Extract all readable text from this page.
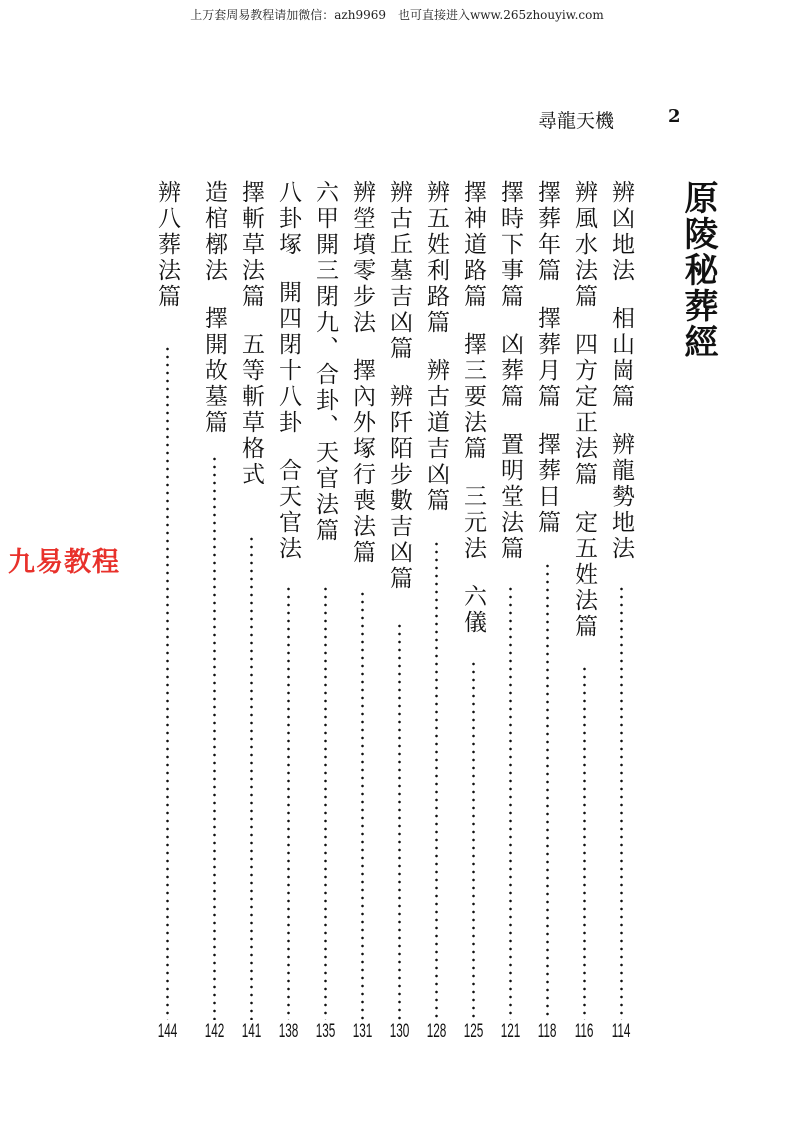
上万套周易教程请加微信：azh9969　也可直接进入www.265zhouyiw.com
尋龍天機	2
原陵秘葬經
九易教程
辨凶地法相山崗篇辨龍勢地法
114
辨風水法篇四方定正法篇定五姓法篇
116
擇葬年篇擇葬月篇擇葬日篇
118
擇時下事篇凶葬篇置明堂法篇
121
擇神道路篇擇三要法篇三元法六儀
125
辨五姓利路篇辨古道吉凶篇
128
辨古丘墓吉凶篇辨阡陌步數吉凶篇
130
辨塋墳零步法擇內外塚行喪法篇
131
六甲開三閉九、合卦、天官法篇
135
八卦塚開四閉十八卦合天官法
138
擇斬草法篇五等斬草格式
141
造棺槨法擇開故墓篇
142
辨八葬法篇
144
